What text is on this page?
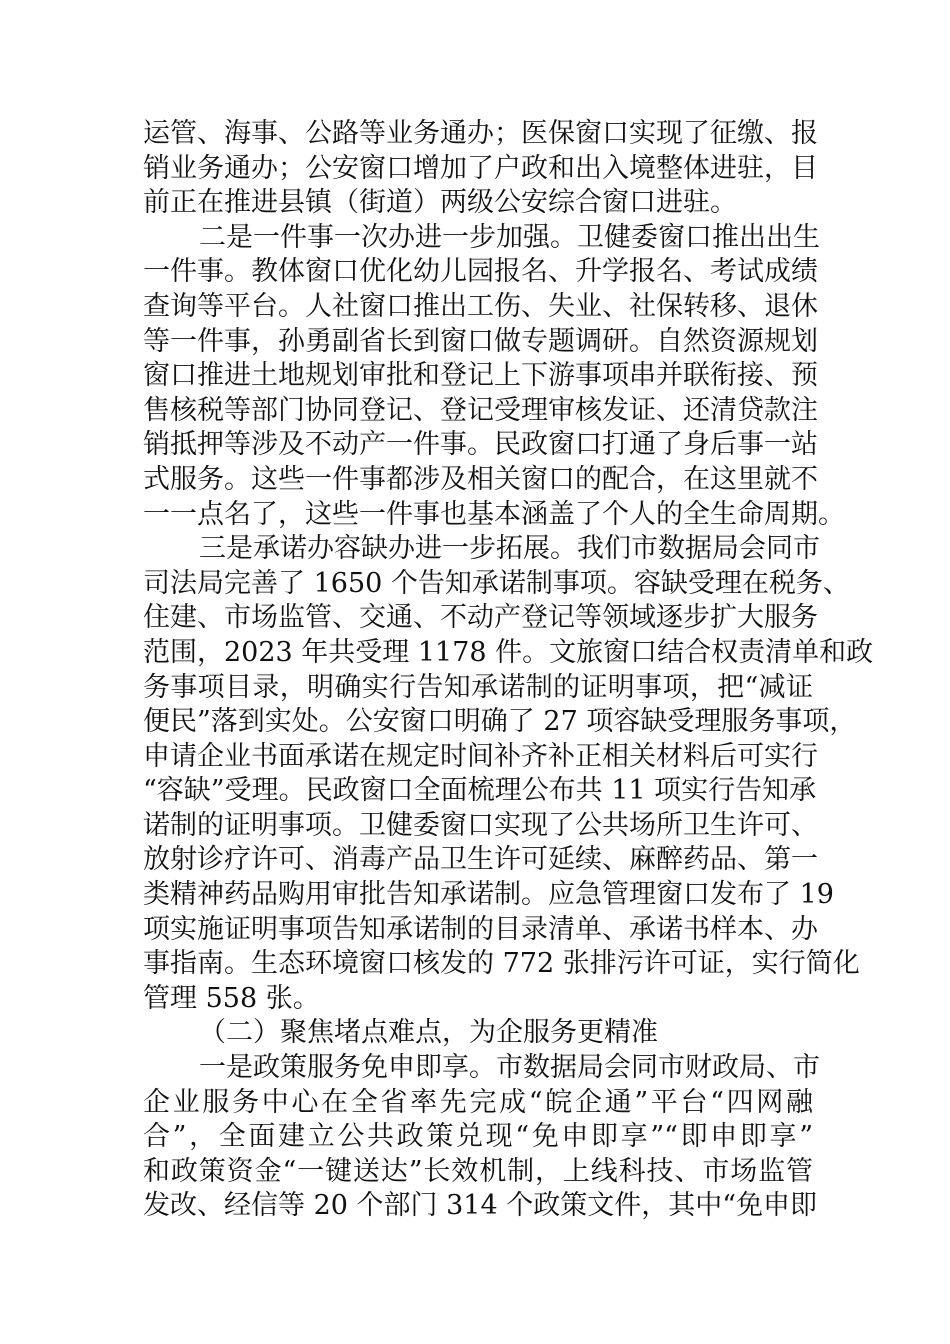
运管、海事、公路等业务通办；医保窗口实现了征缴、报
销业务通办；公安窗口增加了户政和出入境整体进驻，目
前正在推进县镇（街道）两级公安综合窗口进驻。
二是一件事一次办进一步加强。卫健委窗口推出出生
一件事。教体窗口优化幼儿园报名、升学报名、考试成绩
查询等平台。人社窗口推出工伤、失业、社保转移、退休
等一件事，孙勇副省长到窗口做专题调研。自然资源规划
窗口推进土地规划审批和登记上下游事项串并联衔接、预
售核税等部门协同登记、登记受理审核发证、还清贷款注
销抵押等涉及不动产一件事。民政窗口打通了身后事一站
式服务。这些一件事都涉及相关窗口的配合，在这里就不
一一点名了，这些一件事也基本涵盖了个人的全生命周期。
三是承诺办容缺办进一步拓展。我们市数据局会同市
司法局完善了 1650 个告知承诺制事项。容缺受理在税务、
住建、市场监管、交通、不动产登记等领域逐步扩大服务
范围，2023 年共受理 1178 件。文旅窗口结合权责清单和政
务事项目录，明确实行告知承诺制的证明事项，把“减证
便民”落到实处。公安窗口明确了 27 项容缺受理服务事项，
申请企业书面承诺在规定时间补齐补正相关材料后可实行
“容缺”受理。民政窗口全面梳理公布共 11 项实行告知承
诺制的证明事项。卫健委窗口实现了公共场所卫生许可、
放射诊疗许可、消毒产品卫生许可延续、麻醉药品、第一
类精神药品购用审批告知承诺制。应急管理窗口发布了 19
项实施证明事项告知承诺制的目录清单、承诺书样本、办
事指南。生态环境窗口核发的 772 张排污许可证，实行简化
管理 558 张。
（二）聚焦堵点难点，为企服务更精准
一是政策服务免申即享。市数据局会同市财政局、市
企业服务中心在全省率先完成“皖企通”平台“四网融
合”，全面建立公共政策兑现“免申即享”“即申即享”
和政策资金“一键送达”长效机制，上线科技、市场监管
发改、经信等 20 个部门 314 个政策文件，其中“免申即
